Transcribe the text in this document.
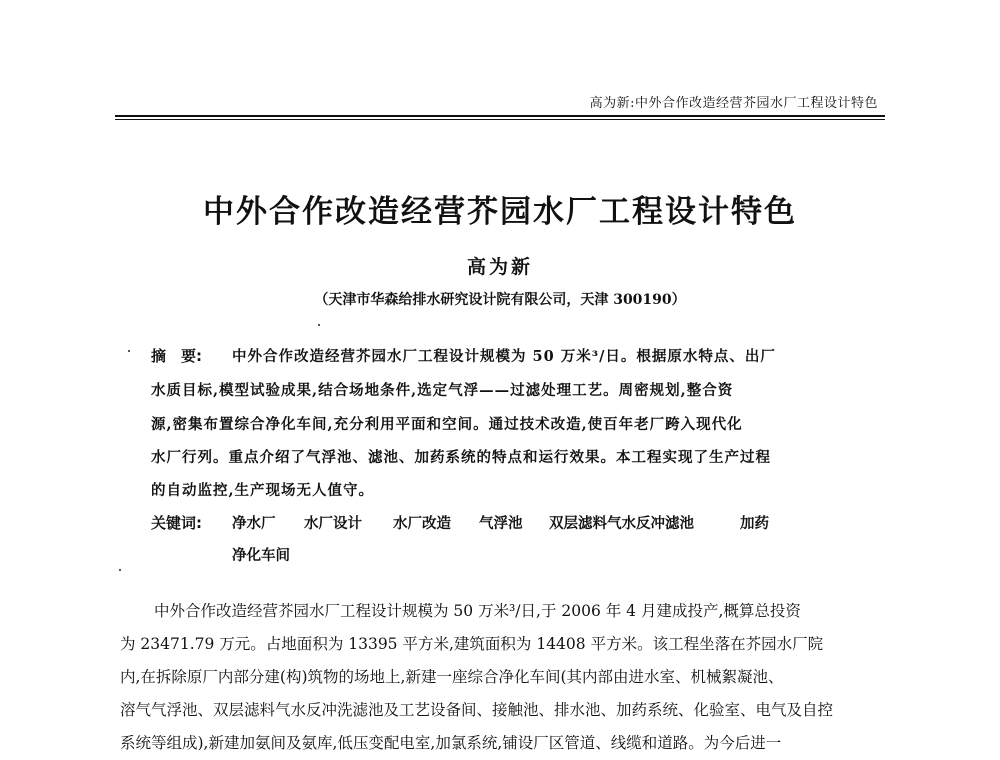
高为新:中外合作改造经营芥园水厂工程设计特色
中外合作改造经营芥园水厂工程设计特色
高为新
（天津市华森给排水研究设计院有限公司，天津 300190）
摘　要: 中外合作改造经营芥园水厂工程设计规模为 50 万米³/日。根据原水特点、出厂
水质目标,模型试验成果,结合场地条件,选定气浮——过滤处理工艺。周密规划,整合资
源,密集布置综合净化车间,充分利用平面和空间。通过技术改造,使百年老厂跨入现代化
水厂行列。重点介绍了气浮池、滤池、加药系统的特点和运行效果。本工程实现了生产过程
的自动监控,生产现场无人值守。
关键词: 净水厂 水厂设计 水厂改造 气浮池 双层滤料气水反冲滤池	加药
净化车间
中外合作改造经营芥园水厂工程设计规模为 50 万米³/日,于 2006 年 4 月建成投产,概算总投资
为 23471.79 万元。占地面积为 13395 平方米,建筑面积为 14408 平方米。该工程坐落在芥园水厂院
内,在拆除原厂内部分建(构)筑物的场地上,新建一座综合净化车间(其内部由进水室、机械絮凝池、
溶气气浮池、双层滤料气水反冲洗滤池及工艺设备间、接触池、排水池、加药系统、化验室、电气及自控
系统等组成),新建加氨间及氨库,低压变配电室,加氯系统,铺设厂区管道、线缆和道路。为今后进一
